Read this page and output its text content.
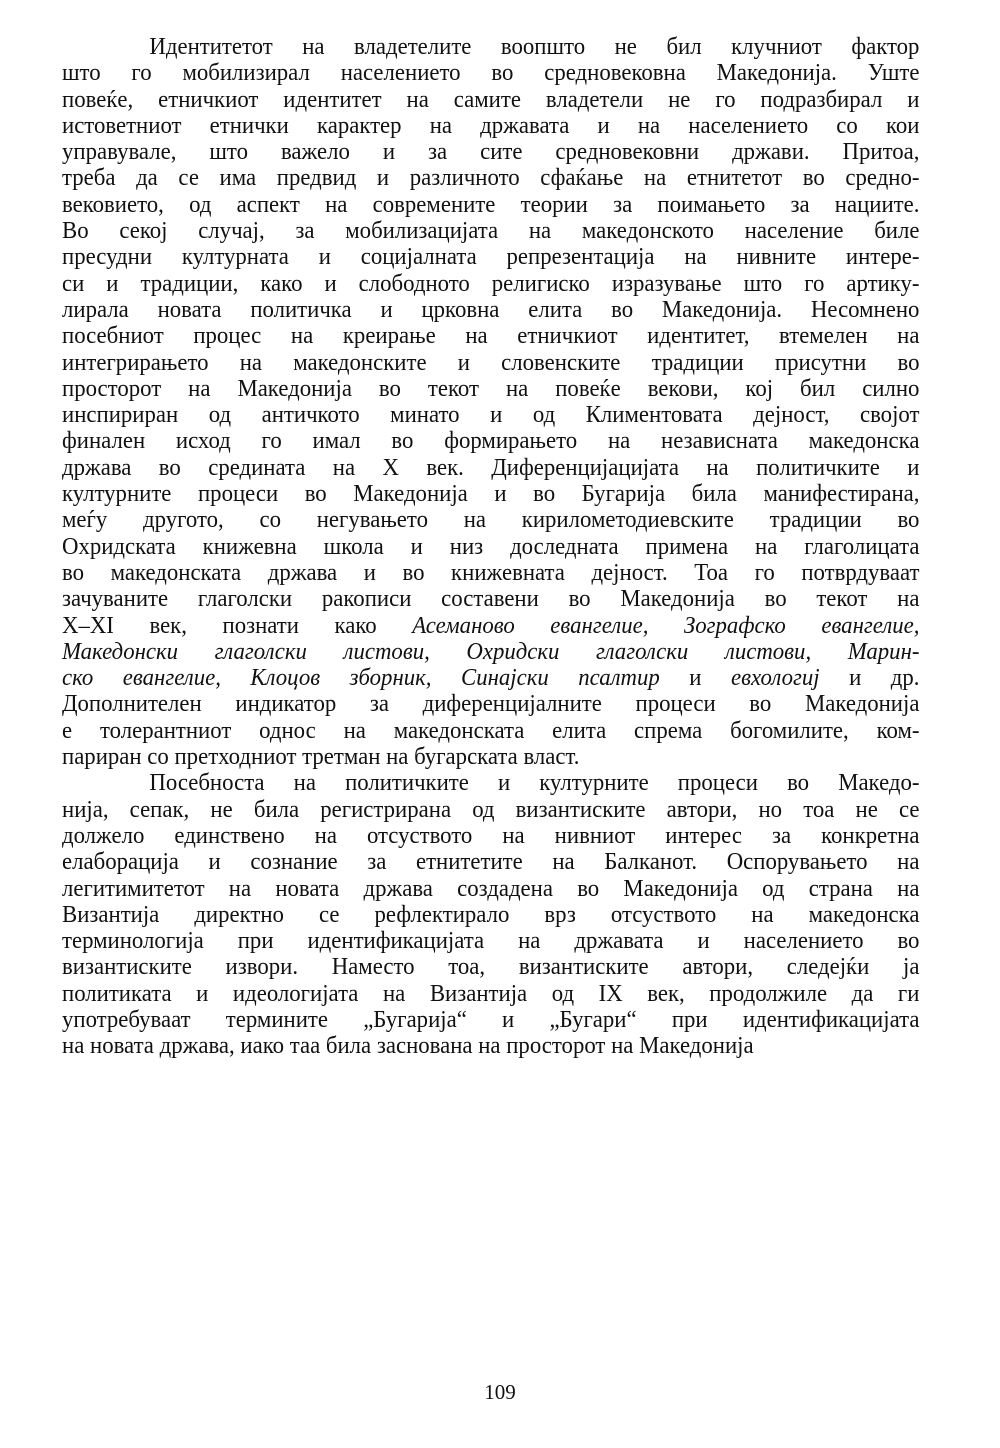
Идентитетот на владетелите воопшто не бил клучниот фактор
што го мобилизирал населението во средновековна Македонија. Уште
повеќе, етничкиот идентитет на самите владетели не го подразбирал и
истоветниот етнички карактер на државата и на населението со кои
управувале, што важело и за сите средновековни држави. Притоа,
треба да се има предвид и различното сфаќање на етнитетот во средно-
вековието, од аспект на современите теории за поимањето за нациите.
Во секој случај, за мобилизацијата на македонското население биле
пресудни културната и социјалната репрезентација на нивните интере-
си и традиции, како и слободното религиско изразување што го артику-
лирала новата политичка и црковна елита во Македонија. Несомнено
посебниот процес на креирање на етничкиот идентитет, втемелен на
интегрирањето на македонските и словенските традиции присутни во
просторот на Македонија во текот на повеќе векови, кој бил силно
инспириран од античкото минато и од Климентовата дејност, својот
финален исход го имал во формирањето на независната македонска
држава во средината на X век. Диференцијацијата на политичките и
културните процеси во Македонија и во Бугарија била манифестирана,
меѓу другото, со негувањето на кирилометодиевските традиции во
Охридската книжевна школа и низ доследната примена на глаголицата
во македонската држава и во книжевната дејност. Тоа го потврдуваат
зачуваните глаголски ракописи составени во Македонија во текот на
X–XI век, познати како Асеманово евангелие, Зографско евангелие,
Македонски глаголски листови, Охридски глаголски листови, Марин-
ско евангелие, Клоцов зборник, Синајски псалтир и евхологиј и др.
Дополнителен индикатор за диференцијалните процеси во Македонија
е толерантниот однос на македонската елита спрема богомилите, ком-
париран со претходниот третман на бугарската власт.
Посебноста на политичките и културните процеси во Македо-
нија, сепак, не била регистрирана од византиските автори, но тоа не се
должело единствено на отсуството на нивниот интерес за конкретна
елаборација и сознание за етнитетите на Балканот. Оспорувањето на
легитимитетот на новата држава создадена во Македонија од страна на
Византија директно се рефлектирало врз отсуството на македонска
терминологија при идентификацијата на државата и населението во
византиските извори. Наместо тоа, византиските автори, следејќи ја
политиката и идеологијата на Византија од IX век, продолжиле да ги
употребуваат термините „Бугарија“ и „Бугари“ при идентификацијата
на новата држава, иако таа била заснована на просторот на Македонија
109
